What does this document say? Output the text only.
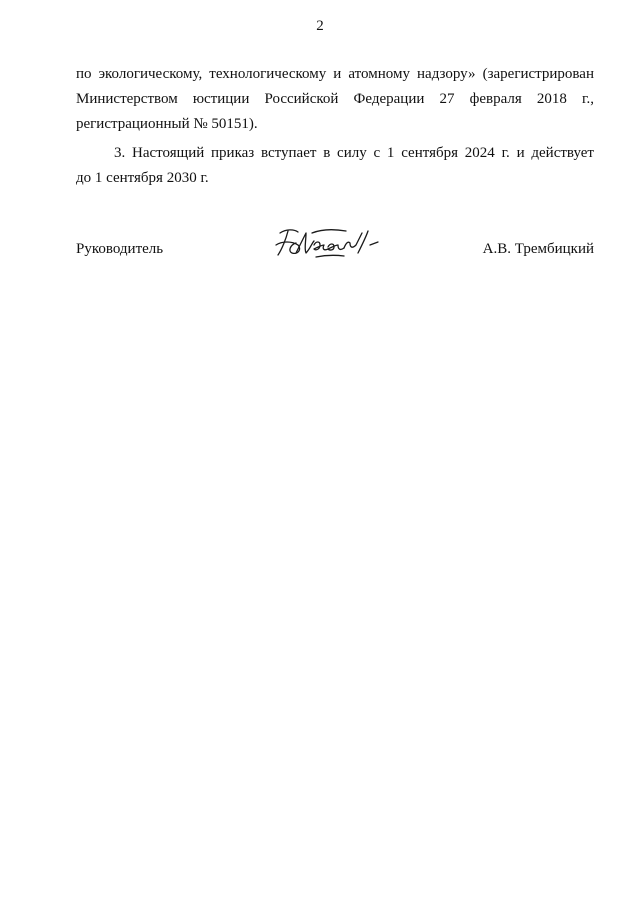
2
по экологическому, технологическому и атомному надзору» (зарегистрирован
Министерством юстиции Российской Федерации 27 февраля 2018 г.,
регистрационный № 50151).
3. Настоящий приказ вступает в силу с 1 сентября 2024 г. и действует
до 1 сентября 2030 г.
Руководитель	А.В. Трембицкий
